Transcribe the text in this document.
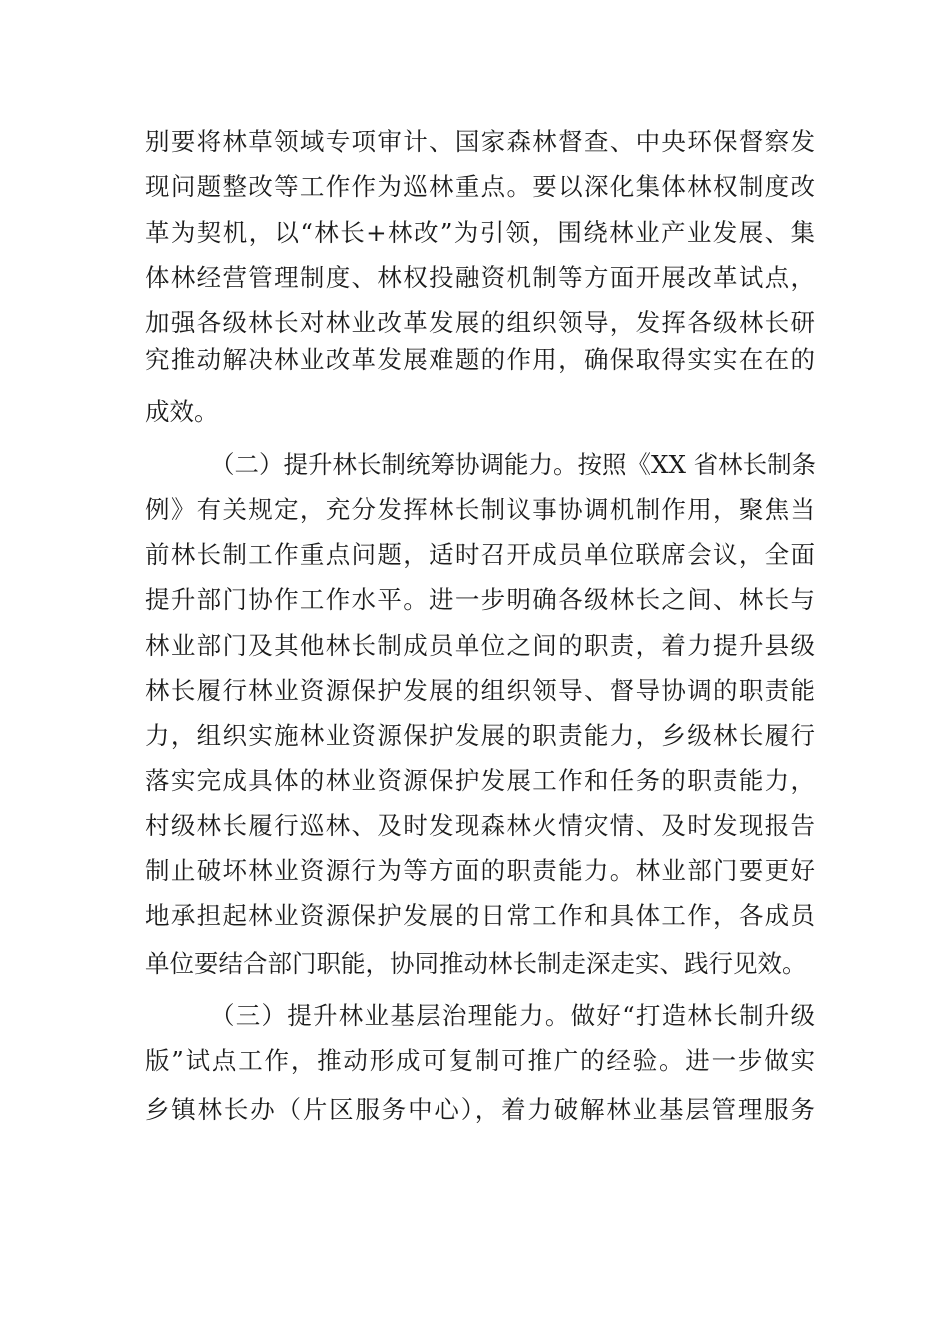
别要将林草领域专项审计、国家森林督查、中央环保督察发
现问题整改等工作作为巡林重点。要以深化集体林权制度改
革为契机，以“林长+林改”为引领，围绕林业产业发展、集
体林经营管理制度、林权投融资机制等方面开展改革试点，
加强各级林长对林业改革发展的组织领导，发挥各级林长研
究推动解决林业改革发展难题的作用，确保取得实实在在的
成效。
（二）提升林长制统筹协调能力。按照《XX 省林长制条
例》有关规定，充分发挥林长制议事协调机制作用，聚焦当
前林长制工作重点问题，适时召开成员单位联席会议，全面
提升部门协作工作水平。进一步明确各级林长之间、林长与
林业部门及其他林长制成员单位之间的职责，着力提升县级
林长履行林业资源保护发展的组织领导、督导协调的职责能
力，组织实施林业资源保护发展的职责能力，乡级林长履行
落实完成具体的林业资源保护发展工作和任务的职责能力，
村级林长履行巡林、及时发现森林火情灾情、及时发现报告
制止破坏林业资源行为等方面的职责能力。林业部门要更好
地承担起林业资源保护发展的日常工作和具体工作，各成员
单位要结合部门职能，协同推动林长制走深走实、践行见效。
（三）提升林业基层治理能力。做好“打造林长制升级
版”试点工作，推动形成可复制可推广的经验。进一步做实
乡镇林长办（片区服务中心），着力破解林业基层管理服务
